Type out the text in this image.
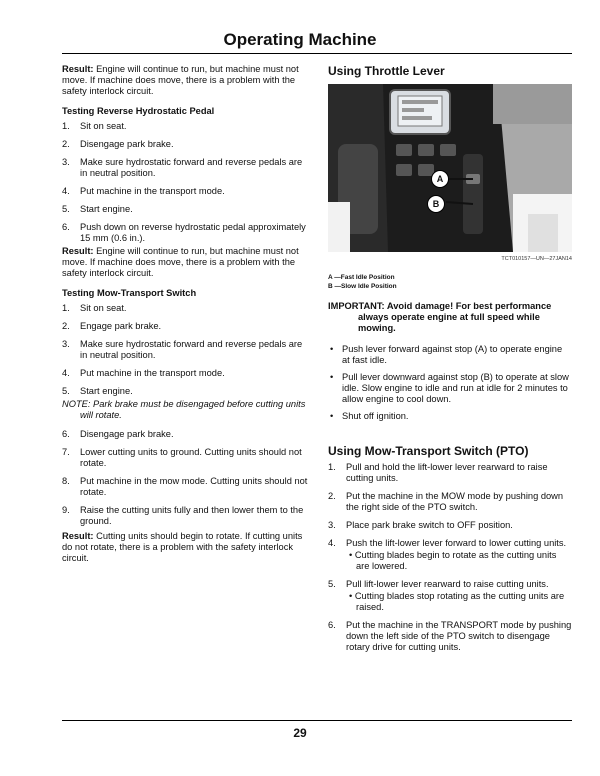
Operating Machine

Result: Engine will continue to run, but machine must not move. If machine does move, there is a problem with the safety interlock circuit.

Testing Reverse Hydrostatic Pedal
1. Sit on seat.
2. Disengage park brake.
3. Make sure hydrostatic forward and reverse pedals are in neutral position.
4. Put machine in the transport mode.
5. Start engine.
6. Push down on reverse hydrostatic pedal approximately 15 mm (0.6 in.).

Result: Engine will continue to run, but machine must not move. If machine does move, there is a problem with the safety interlock circuit.

Testing Mow-Transport Switch
1. Sit on seat.
2. Engage park brake.
3. Make sure hydrostatic forward and reverse pedals are in neutral position.
4. Put machine in the transport mode.
5. Start engine.

NOTE: Park brake must be disengaged before cutting units will rotate.

6. Disengage park brake.
7. Lower cutting units to ground. Cutting units should not rotate.
8. Put machine in the mow mode. Cutting units should not rotate.
9. Raise the cutting units fully and then lower them to the ground.

Result: Cutting units should begin to rotate. If cutting units do not rotate, there is a problem with the safety interlock circuit.

Using Throttle Lever
A
B
TCT010157—UN—27JAN14
A —Fast Idle Position
B —Slow Idle Position
IMPORTANT: Avoid damage! For best performance
always operate engine at full speed while mowing.
• Push lever forward against stop (A) to operate engine at fast idle.
• Pull lever downward against stop (B) to operate at slow idle. Slow engine to idle and run at idle for 2 minutes to allow engine to cool down.
• Shut off ignition.
Using Mow-Transport Switch (PTO)
1. Pull and hold the lift-lower lever rearward to raise cutting units.
2. Put the machine in the MOW mode by pushing down the right side of the PTO switch.
3. Place park brake switch to OFF position.
4. Push the lift-lower lever forward to lower cutting units.
• Cutting blades begin to rotate as the cutting units are lowered.
5. Pull lift-lower lever rearward to raise cutting units.
• Cutting blades stop rotating as the cutting units are raised.
6. Put the machine in the TRANSPORT mode by pushing down the left side of the PTO switch to disengage rotary drive for cutting units.
29
